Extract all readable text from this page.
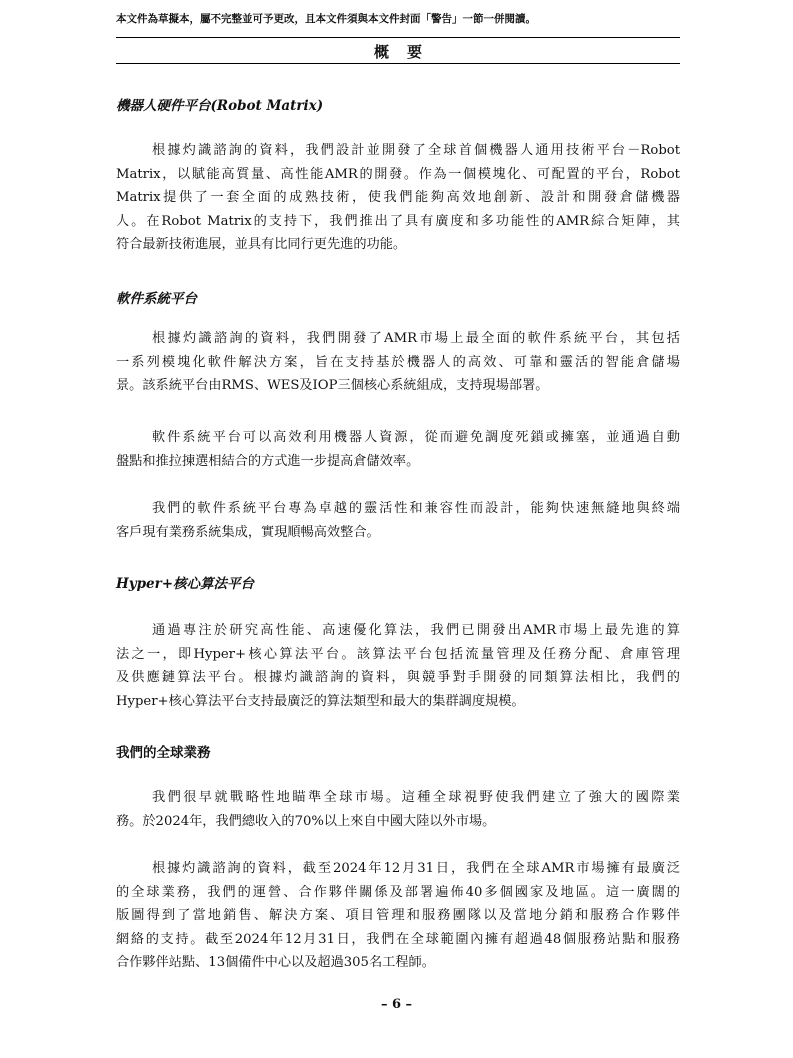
本文件為草擬本，屬不完整並可予更改，且本文件須與本文件封面「警告」一節一併閱讀。
概要
機器人硬件平台(Robot Matrix)
根據灼識諮詢的資料，我們設計並開發了全球首個機器人通用技術平台－Robot
Matrix，以賦能高質量、高性能AMR的開發。作為一個模塊化、可配置的平台，Robot
Matrix提供了一套全面的成熟技術，使我們能夠高效地創新、設計和開發倉儲機器
人。在Robot Matrix的支持下，我們推出了具有廣度和多功能性的AMR綜合矩陣，其
符合最新技術進展，並具有比同行更先進的功能。
軟件系統平台
根據灼識諮詢的資料，我們開發了AMR市場上最全面的軟件系統平台，其包括
一系列模塊化軟件解決方案，旨在支持基於機器人的高效、可靠和靈活的智能倉儲場
景。該系統平台由RMS、WES及IOP三個核心系統組成，支持現場部署。
軟件系統平台可以高效利用機器人資源，從而避免調度死鎖或擁塞，並通過自動
盤點和推拉揀選相結合的方式進一步提高倉儲效率。
我們的軟件系統平台專為卓越的靈活性和兼容性而設計，能夠快速無縫地與終端
客戶現有業務系統集成，實現順暢高效整合。
Hyper+核心算法平台
通過專注於研究高性能、高速優化算法，我們已開發出AMR市場上最先進的算
法之一，即Hyper+核心算法平台。該算法平台包括流量管理及任務分配、倉庫管理
及供應鏈算法平台。根據灼識諮詢的資料，與競爭對手開發的同類算法相比，我們的
Hyper+核心算法平台支持最廣泛的算法類型和最大的集群調度規模。
我們的全球業務
我們很早就戰略性地瞄準全球市場。這種全球視野使我們建立了強大的國際業
務。於2024年，我們總收入的70%以上來自中國大陸以外市場。
根據灼識諮詢的資料，截至2024年12月31日，我們在全球AMR市場擁有最廣泛
的全球業務，我們的運營、合作夥伴關係及部署遍佈40多個國家及地區。這一廣闊的
版圖得到了當地銷售、解決方案、項目管理和服務團隊以及當地分銷和服務合作夥伴
網絡的支持。截至2024年12月31日，我們在全球範圍內擁有超過48個服務站點和服務
合作夥伴站點、13個備件中心以及超過305名工程師。
– 6 –
